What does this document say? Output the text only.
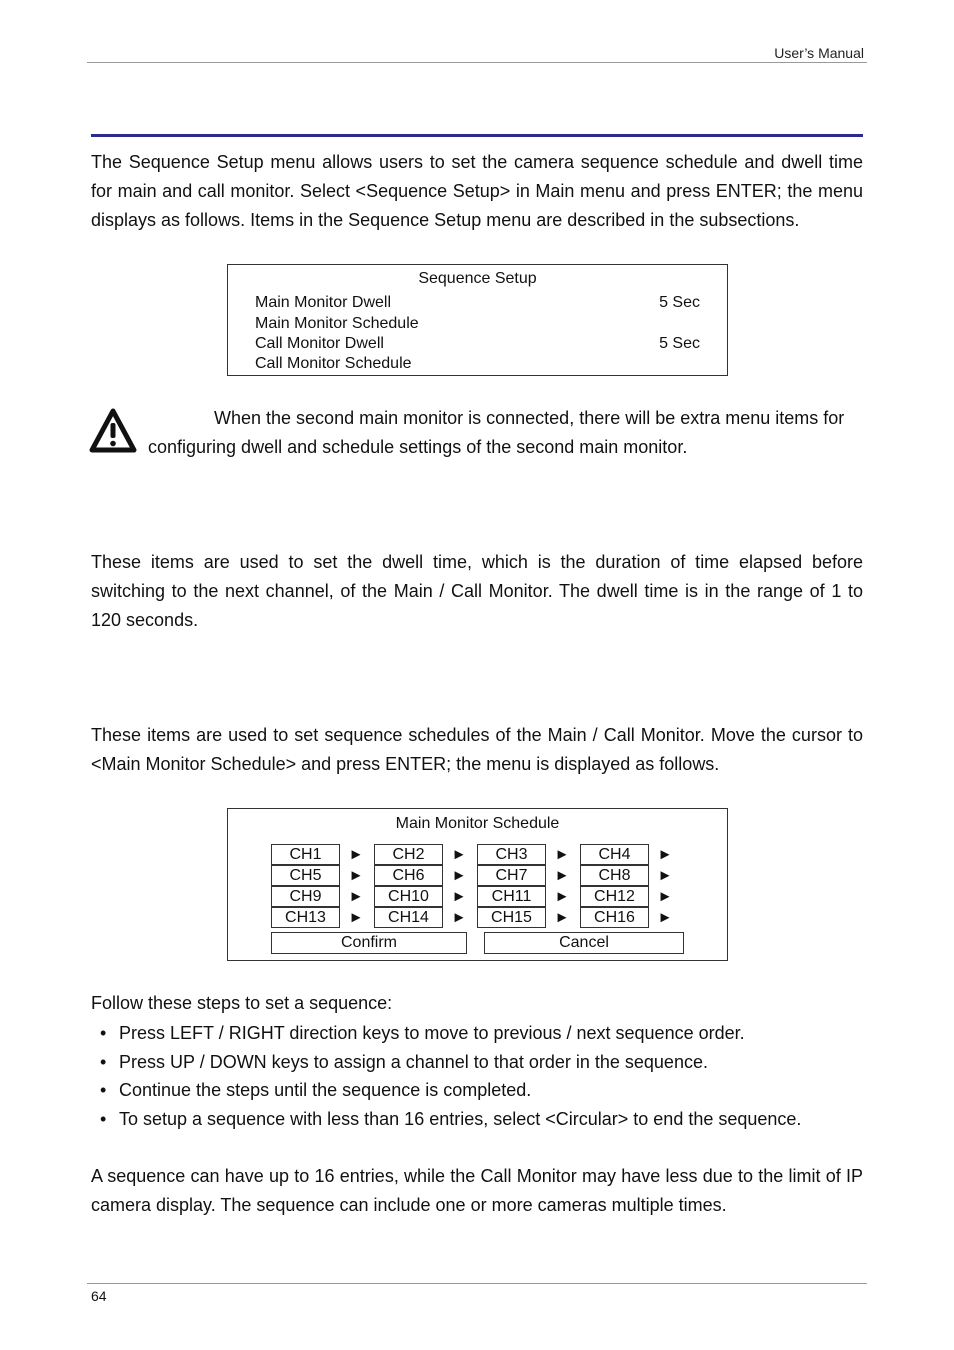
User’s Manual

The Sequence Setup menu allows users to set the camera sequence schedule and dwell time for main and call monitor. Select <Sequence Setup> in Main menu and press ENTER; the menu displays as follows. Items in the Sequence Setup menu are described in the subsections.

Sequence Setup
Main Monitor Dwell	5 Sec
Main Monitor Schedule
Call Monitor Dwell	5 Sec
Call Monitor Schedule

When the second main monitor is connected, there will be extra menu items for configuring dwell and schedule settings of the second main monitor.

These items are used to set the dwell time, which is the duration of time elapsed before switching to the next channel, of the Main / Call Monitor. The dwell time is in the range of 1 to 120 seconds.

These items are used to set sequence schedules of the Main / Call Monitor. Move the cursor to <Main Monitor Schedule> and press ENTER; the menu is displayed as follows.

Main Monitor Schedule
CH1	►	CH2	►	CH3	►	CH4	►
CH5	►	CH6	►	CH7	►	CH8	►
CH9	►	CH10	►	CH11	►	CH12	►
CH13	►	CH14	►	CH15	►	CH16	►
Confirm	Cancel

Follow these steps to set a sequence:

• Press LEFT / RIGHT direction keys to move to previous / next sequence order.
• Press UP / DOWN keys to assign a channel to that order in the sequence.
• Continue the steps until the sequence is completed.
• To setup a sequence with less than 16 entries, select <Circular> to end the sequence.

A sequence can have up to 16 entries, while the Call Monitor may have less due to the limit of IP camera display. The sequence can include one or more cameras multiple times.

64
